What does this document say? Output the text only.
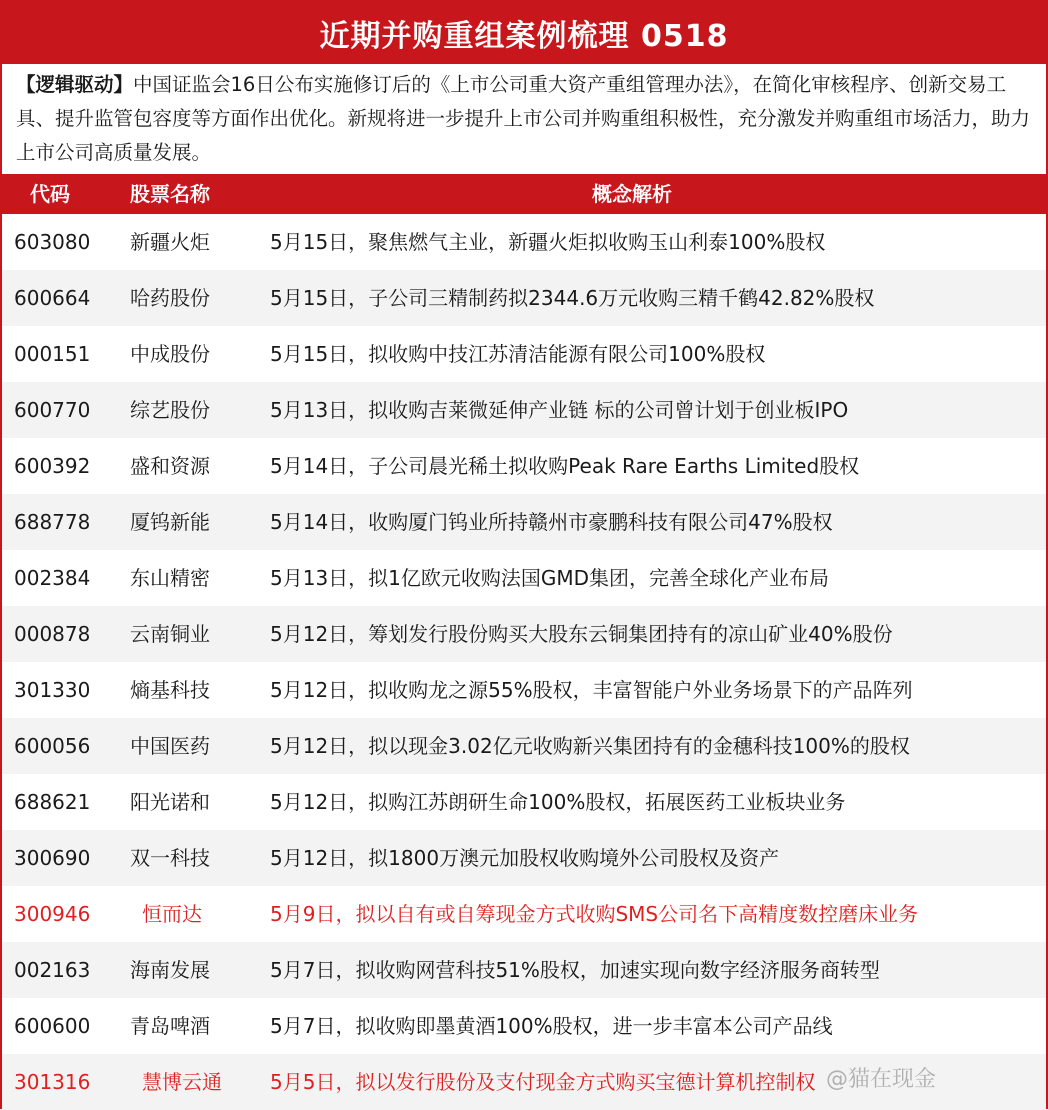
近期并购重组案例梳理 0518
【逻辑驱动】中国证监会16日公布实施修订后的《上市公司重大资产重组管理办法》，在简化审核程序、创新交易工具、提升监管包容度等方面作出优化。新规将进一步提升上市公司并购重组积极性，充分激发并购重组市场活力，助力上市公司高质量发展。
代码	股票名称	概念解析
603080 新疆火炬	5月15日，聚焦燃气主业，新疆火炬拟收购玉山利泰100%股权
600664 哈药股份	5月15日，子公司三精制药拟2344.6万元收购三精千鹤42.82%股权
000151 中成股份	5月15日，拟收购中技江苏清洁能源有限公司100%股权
600770 综艺股份	5月13日，拟收购吉莱微延伸产业链 标的公司曾计划于创业板IPO
600392 盛和资源	5月14日，子公司晨光稀土拟收购Peak Rare Earths Limited股权
688778 厦钨新能	5月14日，收购厦门钨业所持赣州市豪鹏科技有限公司47%股权
002384 东山精密	5月13日，拟1亿欧元收购法国GMD集团，完善全球化产业布局
000878 云南铜业	5月12日，筹划发行股份购买大股东云铜集团持有的凉山矿业40%股份
301330 熵基科技	5月12日，拟收购龙之源55%股权，丰富智能户外业务场景下的产品阵列
600056 中国医药	5月12日，拟以现金3.02亿元收购新兴集团持有的金穗科技100%的股权
688621 阳光诺和	5月12日，拟购江苏朗研生命100%股权，拓展医药工业板块业务
300690 双一科技	5月12日，拟1800万澳元加股权收购境外公司股权及资产
300946	恒而达	5月9日，拟以自有或自筹现金方式收购SMS公司名下高精度数控磨床业务
002163 海南发展	5月7日，拟收购网营科技51%股权，加速实现向数字经济服务商转型
600600 青岛啤酒	5月7日，拟收购即墨黄酒100%股权，进一步丰富本公司产品线
301316	慧博云通 5月5日，拟以发行股份及支付现金方式购买宝德计算机控制权 @猫在现金
